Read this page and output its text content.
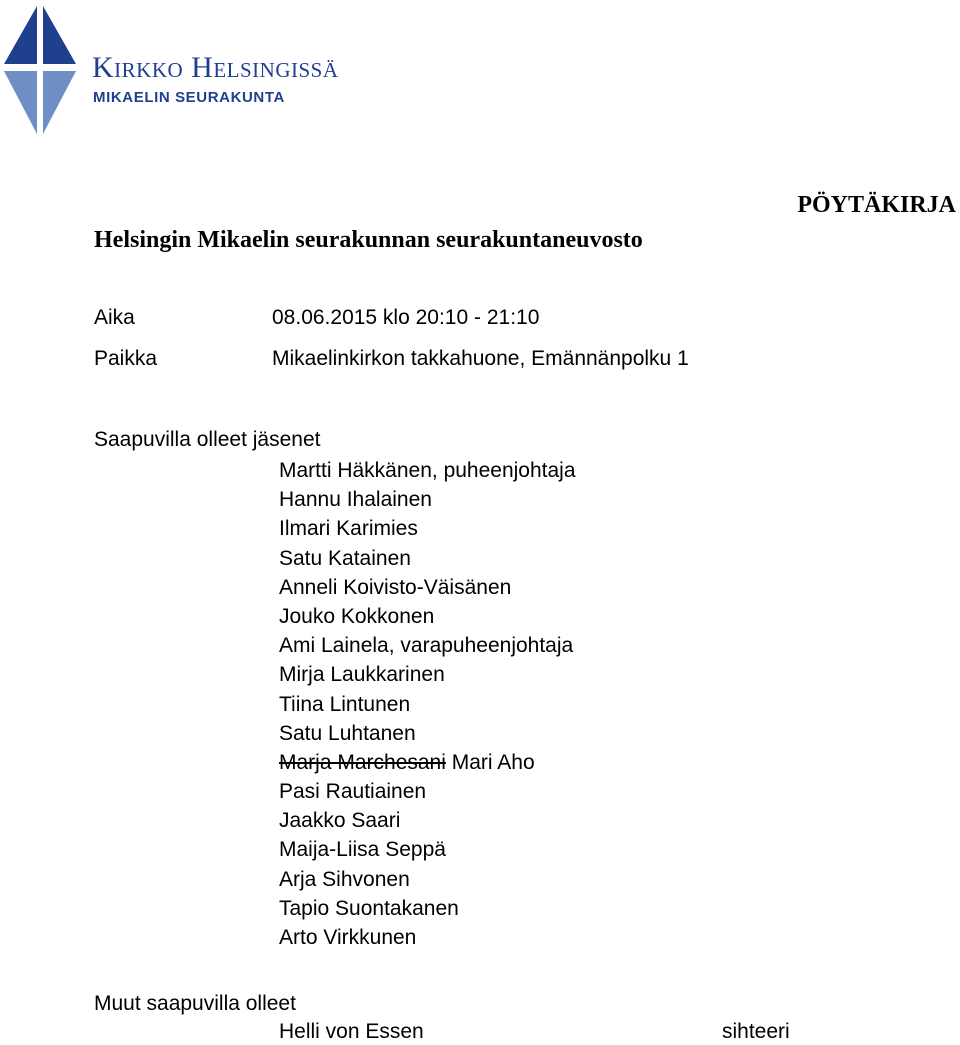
Kirkko Helsingissä
MIKAELIN SEURAKUNTA
PÖYTÄKIRJA
Helsingin Mikaelin seurakunnan seurakuntaneuvosto
Aika	08.06.2015 klo 20:10 - 21:10
Paikka	Mikaelinkirkon takkahuone, Emännänpolku 1
Saapuvilla olleet jäsenet
Martti Häkkänen, puheenjohtaja
Hannu Ihalainen
Ilmari Karimies
Satu Katainen
Anneli Koivisto-Väisänen
Jouko Kokkonen
Ami Lainela, varapuheenjohtaja
Mirja Laukkarinen
Tiina Lintunen
Satu Luhtanen
Marja Marchesani Mari Aho
Pasi Rautiainen
Jaakko Saari
Maija-Liisa Seppä
Arja Sihvonen
Tapio Suontakanen
Arto Virkkunen
Muut saapuvilla olleet
Helli von Essen	sihteeri
